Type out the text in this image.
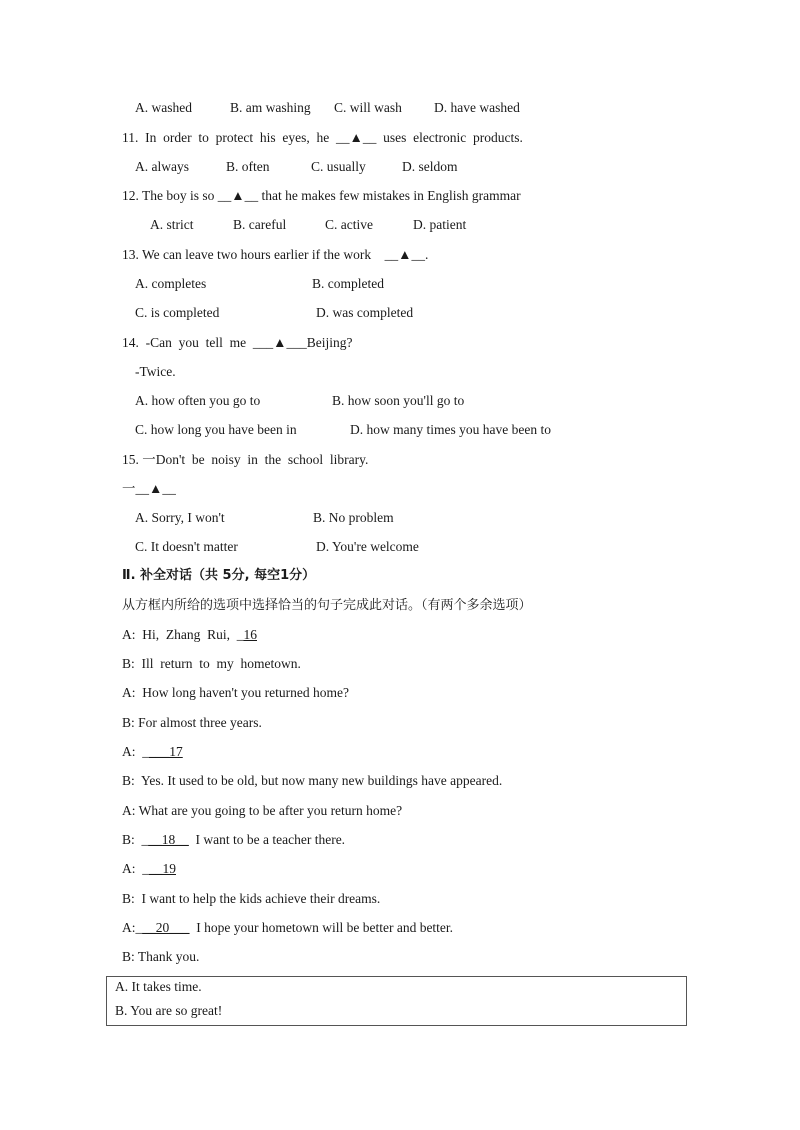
A. washed	B. am washing C. will wash D. have washed
11.  In  order  to  protect  his  eyes,  he  __▲__  uses  electronic  products.
A. always	B. often	C. usually	D. seldom
12. The boy is so __▲__ that he makes few mistakes in English grammar
A. strict	B. careful	C. active	D. patient
13. We can leave two hours earlier if the work    __▲__.
A. completes	B. completed
C. is completed	D. was completed
14.  -Can  you  tell  me  ___▲___Beijing?
-Twice.
A. how often you go to	B. how soon you'll go to
C. how long you have been in	D. how many times you have been to
15. 一Don't  be  noisy  in  the  school  library.
一__▲__
A. Sorry, I won't	B. No problem
C. It doesn't matter	D. You're welcome
Ⅱ. 补全对话（共 5分, 每空1分）
从方框内所给的选项中选择恰当的句子完成此对话。（有两个多余选项）
A:  Hi,  Zhang  Rui,  _16
B:  Ill  return  to  my  hometown.
A:  How long haven't you returned home?
B: For almost three years.
A:  ____17
B:  Yes. It used to be old, but now many new buildings have appeared.
A: What are you going to be after you return home?
B:  ___18__  I want to be a teacher there.
A:  ___19
B:  I want to help the kids achieve their dreams.
A:___20___  I hope your hometown will be better and better.
B: Thank you.
A. It takes time.
B. You are so great!
